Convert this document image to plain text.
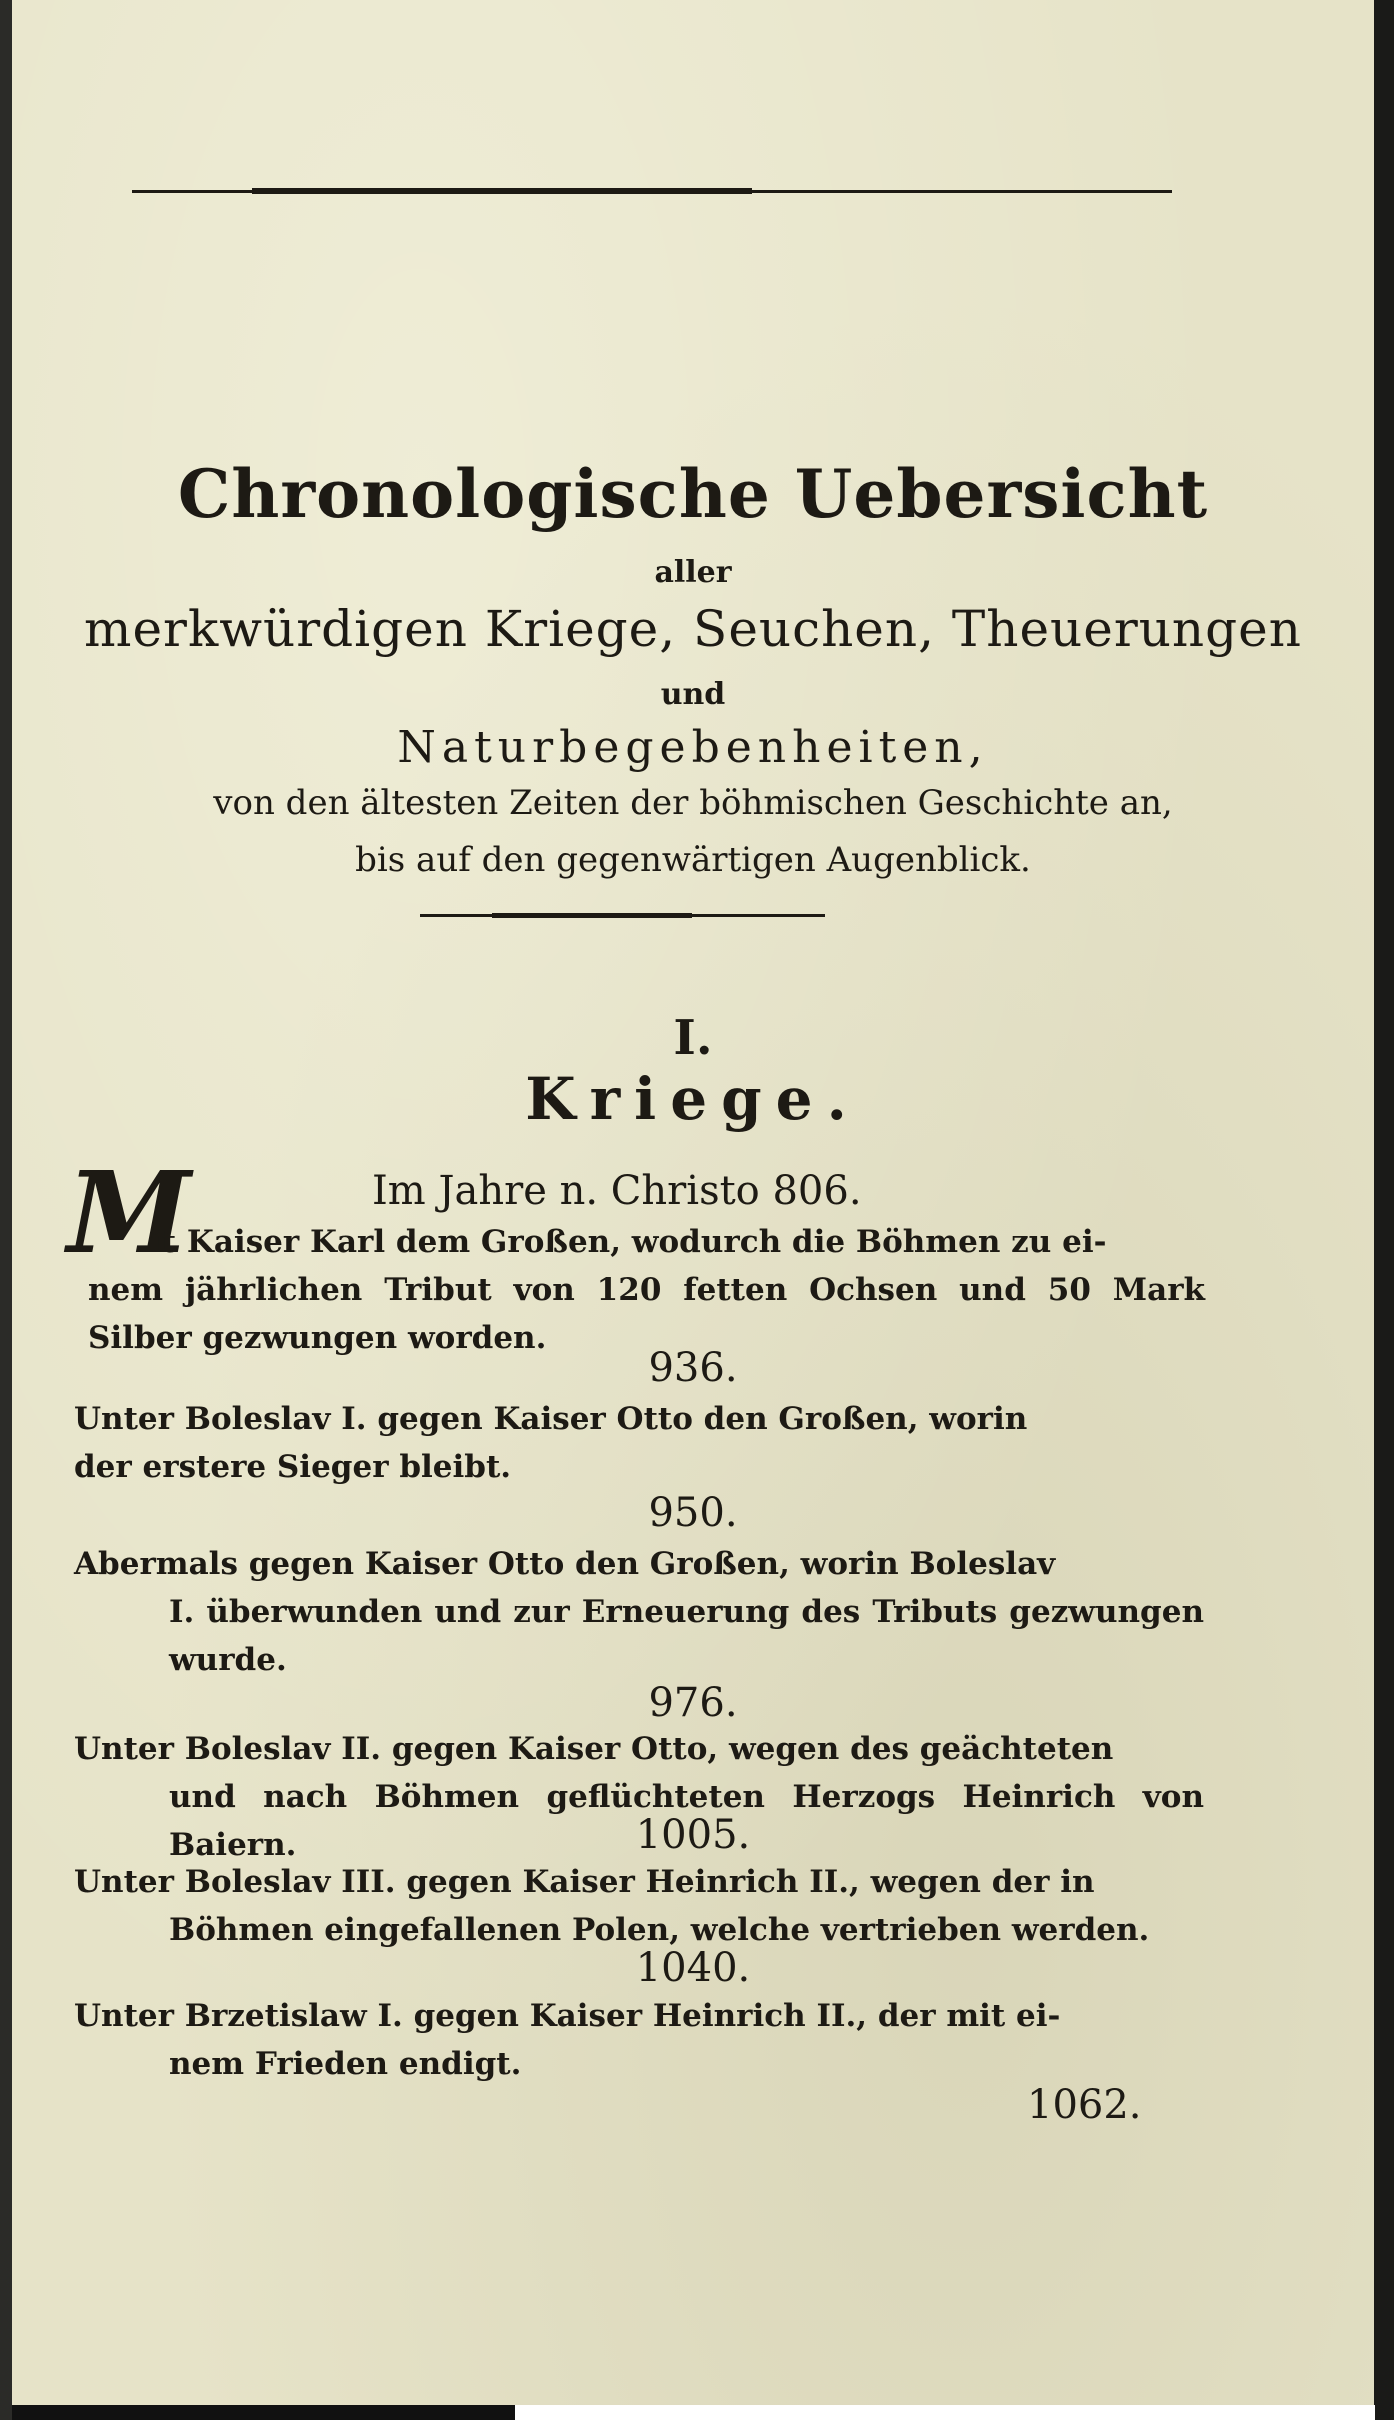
Chronologische Uebersicht
aller
merkwürdigen Kriege, Seuchen, Theuerungen
und
Naturbegebenheiten,
von den ältesten Zeiten der böhmischen Geschichte an,
bis auf den gegenwärtigen Augenblick.
I.
Kriege.
M	Im Jahre n. Christo 806.
it Kaiser Karl dem Großen, wodurch die Böhmen zu ei-
nem jährlichen Tribut von 120 fetten Ochsen und 50 Mark Silber gezwungen worden.
936.
Unter Boleslav I. gegen Kaiser Otto den Großen, worin
der erstere Sieger bleibt.
950.
Abermals gegen Kaiser Otto den Großen, worin Boleslav
I. überwunden und zur Erneuerung des Tributs gezwungen wurde.
976.
Unter Boleslav II. gegen Kaiser Otto, wegen des geächteten
und nach Böhmen geflüchteten Herzogs Heinrich von Baiern.	1005.
Unter Boleslav III. gegen Kaiser Heinrich II., wegen der in
Böhmen eingefallenen Polen, welche vertrieben werden.
1040.
Unter Brzetislaw I. gegen Kaiser Heinrich II., der mit ei-
nem Frieden endigt.
1062.
